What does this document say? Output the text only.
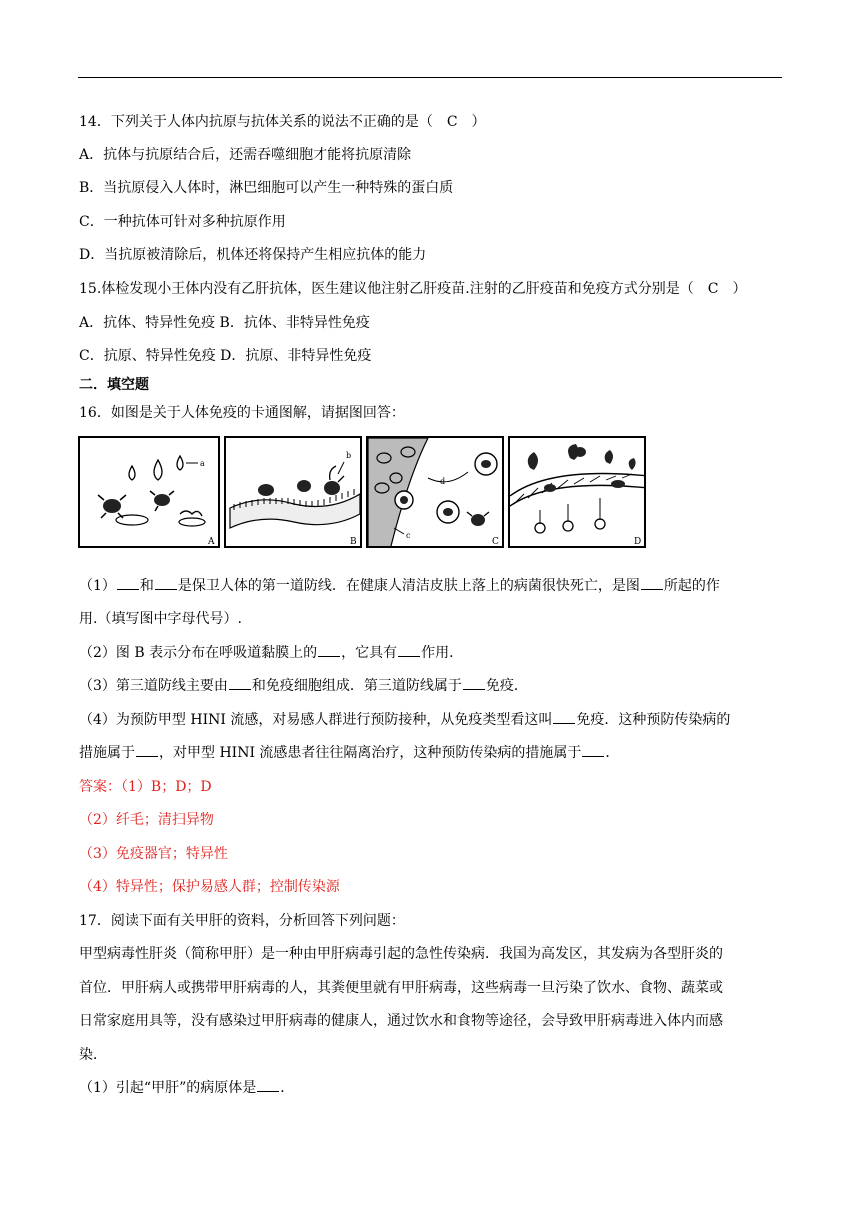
14．下列关于人体内抗原与抗体关系的说法不正确的是（ C ）
A．抗体与抗原结合后，还需吞噬细胞才能将抗原清除
B．当抗原侵入人体时，淋巴细胞可以产生一种特殊的蛋白质
C．一种抗体可针对多种抗原作用
D．当抗原被清除后，机体还将保持产生相应抗体的能力
15.体检发现小王体内没有乙肝抗体，医生建议他注射乙肝疫苗.注射的乙肝疫苗和免疫方式分别是（ C ）
A．抗体、特异性免疫 B．抗体、非特异性免疫
C．抗原、特异性免疫 D．抗原、非特异性免疫
二．填空题
16．如图是关于人体免疫的卡通图解，请据图回答：
a
A
b
B
d
c
C	D
（1） 和 是保卫人体的第一道防线．在健康人清洁皮肤上落上的病菌很快死亡，是图 所起的作
用.（填写图中字母代号）.
（2）图 B 表示分布在呼吸道黏膜上的 ，它具有 作用．
（3）第三道防线主要由 和免疫细胞组成．第三道防线属于 免疫．
（4）为预防甲型 HINI 流感，对易感人群进行预防接种，从免疫类型看这叫 免疫．这种预防传染病的
措施属于 ，对甲型 HINI 流感患者往往隔离治疗，这种预防传染病的措施属于 ．
答案：（1）B；D；D
（2）纤毛；清扫异物
（3）免疫器官；特异性
（4）特异性；保护易感人群；控制传染源
17．阅读下面有关甲肝的资料，分析回答下列问题：
甲型病毒性肝炎（简称甲肝）是一种由甲肝病毒引起的急性传染病．我国为高发区，其发病为各型肝炎的
首位．甲肝病人或携带甲肝病毒的人，其粪便里就有甲肝病毒，这些病毒一旦污染了饮水、食物、蔬菜或
日常家庭用具等，没有感染过甲肝病毒的健康人，通过饮水和食物等途径，会导致甲肝病毒进入体内而感
染．
（1）引起“甲肝”的病原体是 ．
